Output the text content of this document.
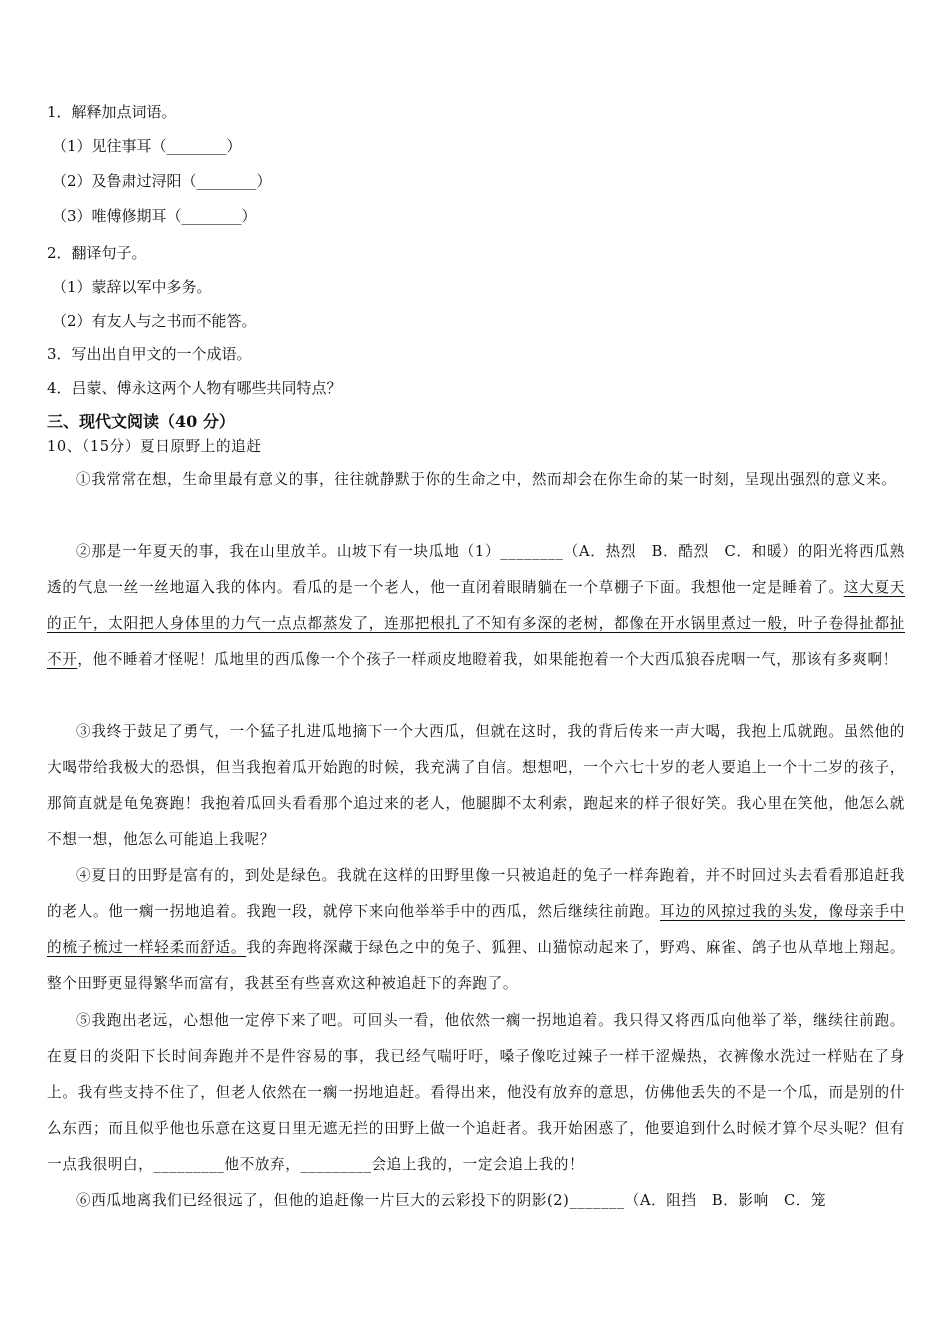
1．解释加点词语。
（1）见往事耳（________）
（2）及鲁肃过浔阳（________）
（3）唯傅修期耳（________）
2．翻译句子。
（1）蒙辞以军中多务。
（2）有友人与之书而不能答。
3．写出出自甲文的一个成语。
4．吕蒙、傅永这两个人物有哪些共同特点？
三、现代文阅读（40 分）
10、（15分）夏日原野上的追赶

①我常常在想，生命里最有意义的事，往往就静默于你的生命之中，然而却会在你生命的某一时刻，呈现出强烈的意义来。

②那是一年夏天的事，我在山里放羊。山坡下有一块瓜地（1）________（A．热烈　B．酷烈　C．和暖）的阳光将西瓜熟透的气息一丝一丝地逼入我的体内。看瓜的是一个老人，他一直闭着眼睛躺在一个草棚子下面。我想他一定是睡着了。这大夏天的正午，太阳把人身体里的力气一点点都蒸发了，连那把根扎了不知有多深的老树，都像在开水锅里煮过一般，叶子卷得扯都扯不开，他不睡着才怪呢！瓜地里的西瓜像一个个孩子一样顽皮地瞪着我，如果能抱着一个大西瓜狼吞虎咽一气，那该有多爽啊！

③我终于鼓足了勇气，一个猛子扎进瓜地摘下一个大西瓜，但就在这时，我的背后传来一声大喝，我抱上瓜就跑。虽然他的大喝带给我极大的恐惧，但当我抱着瓜开始跑的时候，我充满了自信。想想吧，一个六七十岁的老人要追上一个十二岁的孩子，那简直就是龟兔赛跑！我抱着瓜回头看看那个追过来的老人，他腿脚不太利索，跑起来的样子很好笑。我心里在笑他，他怎么就不想一想，他怎么可能追上我呢？

④夏日的田野是富有的，到处是绿色。我就在这样的田野里像一只被追赶的兔子一样奔跑着，并不时回过头去看看那追赶我的老人。他一瘸一拐地追着。我跑一段，就停下来向他举举手中的西瓜，然后继续往前跑。耳边的风掠过我的头发，像母亲手中的梳子梳过一样轻柔而舒适。我的奔跑将深藏于绿色之中的兔子、狐狸、山猫惊动起来了，野鸡、麻雀、鸽子也从草地上翔起。整个田野更显得繁华而富有，我甚至有些喜欢这种被追赶下的奔跑了。

⑤我跑出老远，心想他一定停下来了吧。可回头一看，他依然一瘸一拐地追着。我只得又将西瓜向他举了举，继续往前跑。在夏日的炎阳下长时间奔跑并不是件容易的事，我已经气喘吁吁，嗓子像吃过辣子一样干涩燥热，衣裤像水洗过一样贴在了身上。我有些支持不住了，但老人依然在一瘸一拐地追赶。看得出来，他没有放弃的意思，仿佛他丢失的不是一个瓜，而是别的什么东西；而且似乎他也乐意在这夏日里无遮无拦的田野上做一个追赶者。我开始困惑了，他要追到什么时候才算个尽头呢？但有一点我很明白，_________他不放弃，_________会追上我的，一定会追上我的！

⑥西瓜地离我们已经很远了，但他的追赶像一片巨大的云彩投下的阴影(2)_______（A．阻挡　B．影响　C．笼
